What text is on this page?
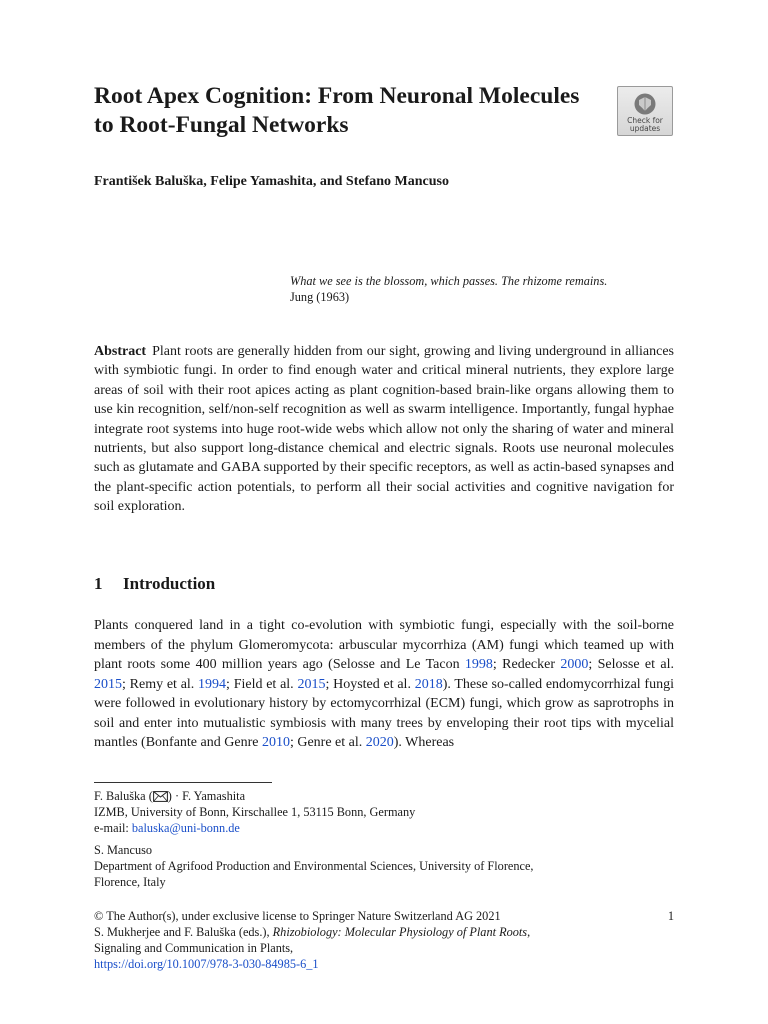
Root Apex Cognition: From Neuronal Molecules to Root-Fungal Networks	Check for
updates
František Baluška, Felipe Yamashita, and Stefano Mancuso
What we see is the blossom, which passes. The rhizome remains.
Jung (1963)

Abstract Plant roots are generally hidden from our sight, growing and living underground in alliances with symbiotic fungi. In order to find enough water and critical mineral nutrients, they explore large areas of soil with their root apices acting as plant cognition-based brain-like organs allowing them to use kin recognition, self/non-self recognition as well as swarm intelligence. Importantly, fungal hyphae integrate root systems into huge root-wide webs which allow not only the sharing of water and mineral nutrients, but also support long-distance chemical and electric signals. Roots use neuronal molecules such as glutamate and GABA supported by their specific receptors, as well as actin-based synapses and the plant-specific action potentials, to perform all their social activities and cognitive navigation for soil exploration.

1 Introduction

Plants conquered land in a tight co-evolution with symbiotic fungi, especially with the soil-borne members of the phylum Glomeromycota: arbuscular mycorrhiza (AM) fungi which teamed up with plant roots some 400 million years ago (Selosse and Le Tacon 1998; Redecker 2000; Selosse et al. 2015; Remy et al. 1994; Field et al. 2015; Hoysted et al. 2018). These so-called endomycorrhizal fungi were followed in evolutionary history by ectomycorrhizal (ECM) fungi, which grow as saprotrophs in soil and enter into mutualistic symbiosis with many trees by enveloping their root tips with mycelial mantles (Bonfante and Genre 2010; Genre et al. 2020). Whereas

F. Baluška ( ) · F. Yamashita
IZMB, University of Bonn, Kirschallee 1, 53115 Bonn, Germany
e-mail: baluska@uni-bonn.de
S. Mancuso
Department of Agrifood Production and Environmental Sciences, University of Florence,
Florence, Italy
© The Author(s), under exclusive license to Springer Nature Switzerland AG 2021
S. Mukherjee and F. Baluška (eds.), Rhizobiology: Molecular Physiology of Plant Roots,
Signaling and Communication in Plants,
https://doi.org/10.1007/978-3-030-84985-6_1
1
